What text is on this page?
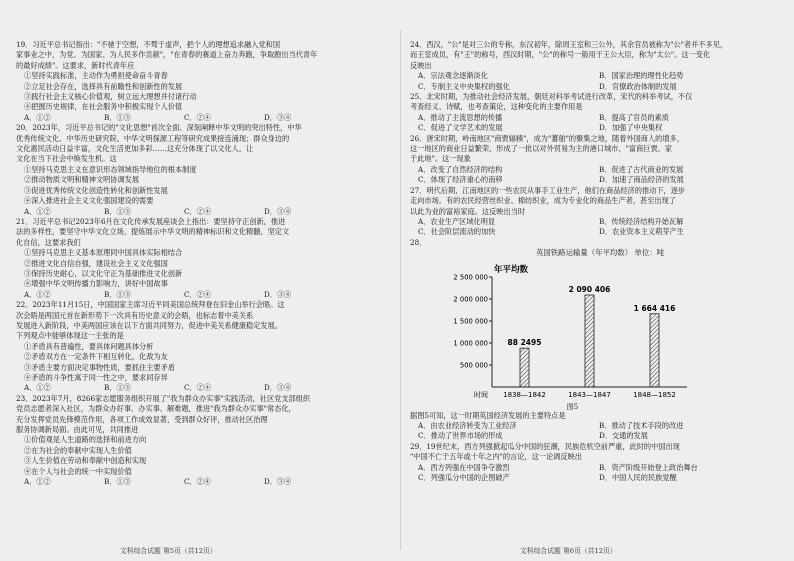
19．习近平总书记指出："不驰于空想，不骛于虚声，把个人的理想追求融入党和国
家事业之中，为党、为国家、为人民多作贡献"，"在青春的赛道上奋力奔跑，争取跑出当代青年
的最好成绩"。这要求，新时代青年应
①坚持实践标准，主动作为勇担使命奋斗青春
②立足社会存在，选择具有前瞻性和创新性的发展
③践行社会主义核心价值观，树立远大理想并付诸行动
④把握历史规律，在社会服务中积极实现个人价值
A．①②	B．①③	C．②④	D．③④
20．2023年，习近平总书记的"文化思想"首次全面、深刻阐释中华文明的突出特性，中华
优秀传统文化、中华历史研究院、中华文明探源工程等研究成果接连涌现；群众身边的
文化惠民活动日益丰富，文化生活更加多彩……这充分体现了以文化人，让
文化在当下社会中焕发生机。这
①坚持马克思主义在意识形态领域指导地位的根本制度
②推动物质文明和精神文明协调发展
③促进优秀传统文化创造性转化和创新性发展
④深入推进社会主义文化强国建设的需要
A．①②	B．①③	C．②④	D．③④
21．习近平总书记2023年6月在文化传承发展座谈会上指出：要坚持守正创新，推进
法的多样性，要坚守中华文化立场，提炼展示中华文明的精神标识和文化精髓，坚定文
化自信，这要求我们
①坚持马克思主义基本原理同中国具体实际相结合
②推进文化自信自强，建设社会主义文化强国
③保持历史耐心，以文化守正为基础推进文化创新
④增强中华文明传播力影响力，讲好中国故事
A．①②	B．①③	C．②④	D．③④
22．2023年11月15日，中国国家主席习近平同美国总统拜登在旧金山举行会晤。这
次会晤是两国元首在新形势下一次具有历史意义的会晤，也标志着中美关系
发展进入新阶段，中美两国应该在以下方面共同努力，促进中美关系健康稳定发展。
下列观点中能够体现这一主张的是
①矛盾具有普遍性，要具体问题具体分析
②矛盾双方在一定条件下相互转化，化敌为友
③矛盾主要方面决定事物性质，要抓住主要矛盾
④矛盾的斗争性寓于同一性之中，要求同存异
A．①②	B．①③	C．②④	D．③④
23．2023年7月，8266家志愿服务组织开展了"我为群众办实事"实践活动，社区党支部组织
党员志愿者深入社区，为群众办好事、办实事、解难题，推进"我为群众办实事"常态化，
充分发挥党员先锋模范作用，各项工作成效显著，受到群众好评，推动社区治理
服务协调新局面。由此可见，共同推进
①价值观是人生道路的选择和前进方向
②在为社会的奉献中实现人生价值
③人生价值在劳动和奉献中创造和实现
④在个人与社会的统一中实现价值
A．①②	B．①③	C．②④	D．③④
文科综合试题 第5页（共12页）
24．西汉，"公"是对三公的专称，东汉初年，除周王室和三公外，其余官员被称为"公"者并不多见，
而王室成员，有"王"的称号，西汉时期，"公"的称号一般用于王公大臣，称为"太公"。这一变化
反映出
A．宗法观念逐渐淡化	B．国家治理的理性化趋势
C．专制主义中央集权的强化	D．官僚政治体制的发展
25．北宋时期，为推动社会经济发展，朝廷对科举考试进行改革，宋代的科举考试，不仅
考查经义、诗赋，也考查策论，这种变化的主要作用是
A．推动了主流思想的传播	B．提高了官员的素质
C．促进了文学艺术的发展	D．加强了中央集权
26．唐宋时期，岭南地区"商贾辐辏"，成为"蕃舶"的聚集之地，随着外国商人的增多，
这一地区的商业日益繁荣，形成了一批以对外贸易为主的港口城市，"富商巨贾，家
于此地"。这一现象
A．改变了自然经济的结构	B．促进了古代商业的发展
C．体现了经济重心的南移	D．加速了商品经济的发展
27．明代后期，江南地区的一些农民从事手工业生产，他们在商品经济的推动下，逐步
走向市场。有的农民经营丝织业、棉纺织业，成为专业化的商品生产者，甚至出现了
以此为业的富裕家庭。这反映出当时
A．农业生产区域化明显	B．传统经济结构开始瓦解
C．社会阶层流动的加快	D．农业资本主义萌芽产生
28．
英国铁路运输量（年平均数） 单位：吨
年平均数
500 000
1 000 000
1 500 000
2 000 000
2 500 000
88 2495
1838—1842
2 090 406
1843—1847
1 664 416
1848—1852
时间
图5
据图5可知，这一时期英国经济发展的主要特点是
A．由农业经济转变为工业经济	B．推动了技术手段的改进
C．推动了世界市场的形成	D．交通的发展
29．19世纪末，西方列强掀起瓜分中国的狂潮，民族危机空前严重，此时的中国出现
"中国不亡于五年或十年之内"的言论，这一论调反映出
A．西方列强在中国争夺激烈	B．资产阶级开始登上政治舞台
C．列强瓜分中国的企图破产	D．中国人民的民族觉醒
文科综合试题 第6页（共12页）
